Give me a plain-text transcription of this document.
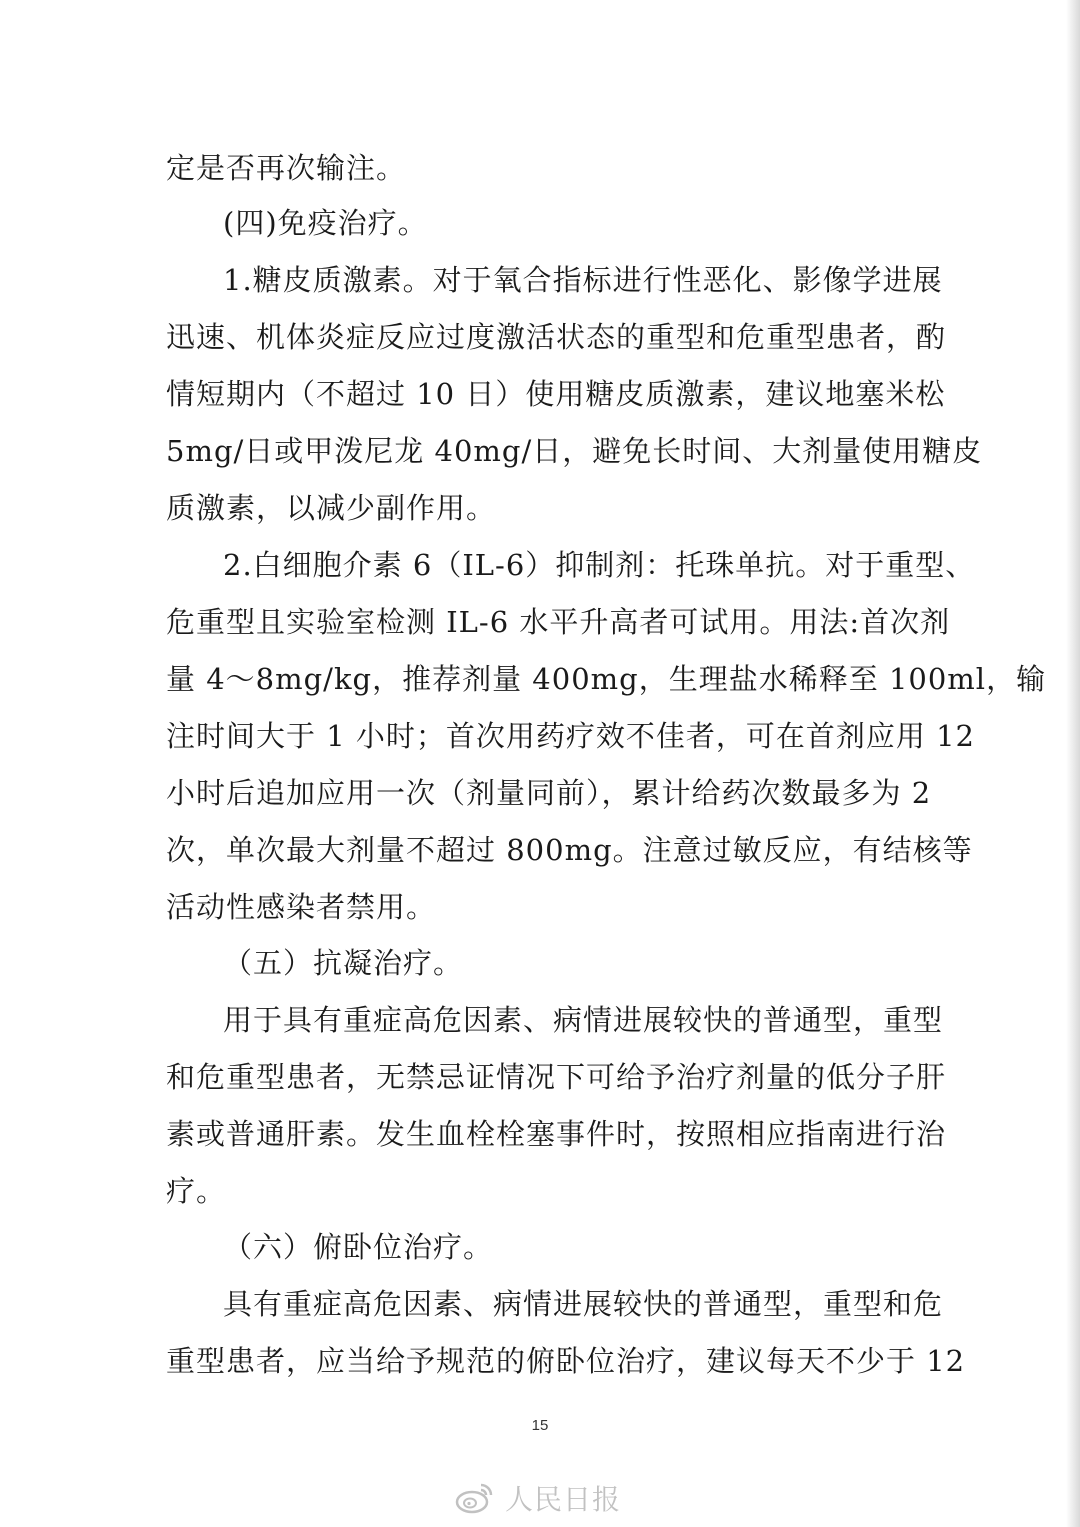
定是否再次输注。
(四)免疫治疗。
1.糖皮质激素。对于氧合指标进行性恶化、影像学进展
迅速、机体炎症反应过度激活状态的重型和危重型患者，酌
情短期内（不超过 10 日）使用糖皮质激素，建议地塞米松
5mg/日或甲泼尼龙 40mg/日，避免长时间、大剂量使用糖皮
质激素，以减少副作用。
2.白细胞介素 6（IL-6）抑制剂：托珠单抗。对于重型、
危重型且实验室检测 IL-6 水平升高者可试用。用法:首次剂
量 4～8mg/kg，推荐剂量 400mg，生理盐水稀释至 100ml，输
注时间大于 1 小时；首次用药疗效不佳者，可在首剂应用 12
小时后追加应用一次（剂量同前），累计给药次数最多为 2
次，单次最大剂量不超过 800mg。注意过敏反应，有结核等
活动性感染者禁用。
（五）抗凝治疗。
用于具有重症高危因素、病情进展较快的普通型，重型
和危重型患者，无禁忌证情况下可给予治疗剂量的低分子肝
素或普通肝素。发生血栓栓塞事件时，按照相应指南进行治
疗。
（六）俯卧位治疗。
具有重症高危因素、病情进展较快的普通型，重型和危
重型患者，应当给予规范的俯卧位治疗，建议每天不少于 12
15
人民日报
